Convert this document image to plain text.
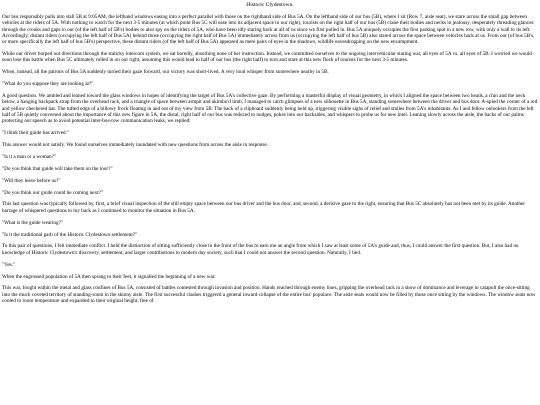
Historic Clydestown.

Our bus responsibly pulls into stall 5B at 9:05AM, the lefthand windows easing into a perfect parallel with those on the righthand side of Bus 5A. On the lefthand side of our bus (5B), where I sit (Row 7, aisle seat), we stare across the small gap between vehicles at the riders of 5A. With nothing to watch for the next 3-5 minutes (at which point Bus 5C will ease into its adjacent space to our right), tourists on the right half of our bus (5B) crane their bodies and necks in jealousy, desperately threading glances through the crooks and gaps in our (of the left half of 5B's) bodies to also spy on the riders of 5A, who have been idly staring back at all of us since we first pulled in. Bus 5A uniquely occupies the first parking spot in a new row, with only a wall to its left. Accordingly, distant riders (occupying the left half of Bus 5A) behind those (occupying the right half of Bus 5A) immediately across from us (occupying the left half of bus 5B) also stared across the space between vehicles back at us. From our (of bus 5B's, or more specifically the left half of bus 5B's) perspective, these distant riders (of the left half of Bus 5A) appeared as mere pairs of eyes in the shadows, wildlife eavesdropping on the new encampment.

While our driver burped out directions through the staticky intercom system, we sat boredly, absorbing none of her instruction. Instead, we committed ourselves to the ongoing intervehicular staring war, all eyes of 5A vs. all eyes of 5B. I worried we would soon lose this battle when Bus 5C ultimately rolled in on our right, assuming this would lead to half of our bus (the right half) to turn and stare at this new flock of tourists for the next 3-5 minutes.

When, instead, all the patrons of Bus 5A suddenly turned their gaze forward, our victory was short-lived. A very loud whisper from somewhere nearby in 5B.

"What do you suppose they are looking at?"

A good question. We ambled and leaned toward the glass windows in hopes of identifying the target of Bus 5A's collective gaze. By performing a masterful display of visual geometry, in which I aligned the space between two heads, a chin and the neck below, a hanging backpack strap from the overhead rack, and a triangle of space between armpit and akimbo'd limb, I managed to catch glimpses of a new silhouette in Bus 5A, standing somewhere between the driver and bus door. A-spied the corner of a red and yellow checkered hat. The tufted edge of a billowy frock floating in and out of my view from 5B. The back of a clipboard suddenly being held up, triggering visible sighs of relief and smiles from 5A's inhabitants. As I and fellow onlookers from the left half of 5B quietly conversed about the importance of this new figure in 5A, the distal, right half of our bus was reduced to nudges, pokes into our backsides, and whispers to probe us for new intel. Leaning slowly across the aisle, the backs of our palms protecting our speech as to avoid potential inter-bus-row communication leaks, we replied:

"I think their guide has arrived."

This answer would not satisfy. We found ourselves immediately inundated with new questions from across the aisle in response.

"Is it a man or a woman?"

"Do you think that guide will take them on the tour?"

"Will they leave before us?"

"Do you think our guide could be coming next?"

This last question was typically followed by, first, a brief visual inspection of the still empty space between our bus driver and the bus door, and, second, a derisive gaze to the right, ensuring that Bus 5C absolutely has not been met by its guide. Another barrage of whispered questions to my back as I continued to monitor the situation in Bus 5A.

"What is the guide wearing?"

"Is it the traditional garb of the Historic Clydestown settlement?"

To this pair of questions, I felt immediate conflict. I held the distinction of sitting sufficiently close to the front of the bus to earn me an angle from which I saw at least some of 5A's guide and, thus, I could answer the first question. But, I also had no knowledge of Historic Clydestown's discovery, settlement, and larger contributions to modern day society, such that I could not answer the second question. Naturally, I lied.

"Yes."

When the engrossed population of 5A then sprang to their feet, it signalled the beginning of a new war.

This war, fought within the metal and glass confines of Bus 5A, consisted of battles contested through invasion and position. Hands reached through enemy lines, gripping the overhead rack in a show of dominance and leverage to catapult the once-sitting into the much coveted territory of standing-room in the skinny aisle. The first successful clashes triggered a general inward collapse of the entire bus' populace. The aisle seats would now be filled by those once sitting by the windows. The window seats now cooled to room temperature and expanded to their original height, free of
